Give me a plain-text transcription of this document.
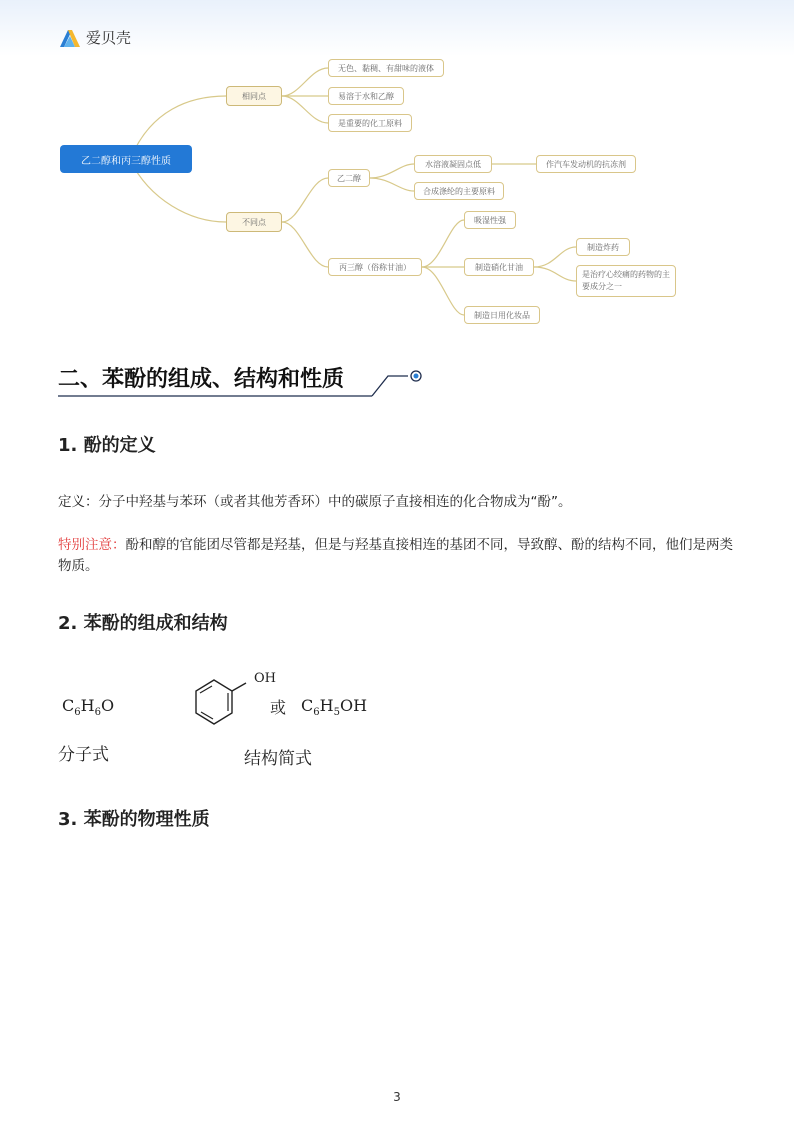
爱贝壳
乙二醇和丙三醇性质
相同点
无色、黏稠、有甜味的液体
易溶于水和乙醇
是重要的化工原料
不同点
乙二醇
水溶液凝固点低
合成涤纶的主要原料
作汽车发动机的抗冻剂
丙三醇（俗称甘油）
吸湿性强
制造硝化甘油
制造日用化妆品
制造炸药
是治疗心绞痛的药物的主要成分之一
二、苯酚的组成、结构和性质
1. 酚的定义
定义：分子中羟基与苯环（或者其他芳香环）中的碳原子直接相连的化合物成为“酚”。
特别注意：酚和醇的官能团尽管都是羟基，但是与羟基直接相连的基团不同，导致醇、酚的结构不同，他们是两类物质。
2. 苯酚的组成和结构
$C_6H_6O$
OH
或 $C_6H_5OH$
分子式	结构简式
3. 苯酚的物理性质
3
